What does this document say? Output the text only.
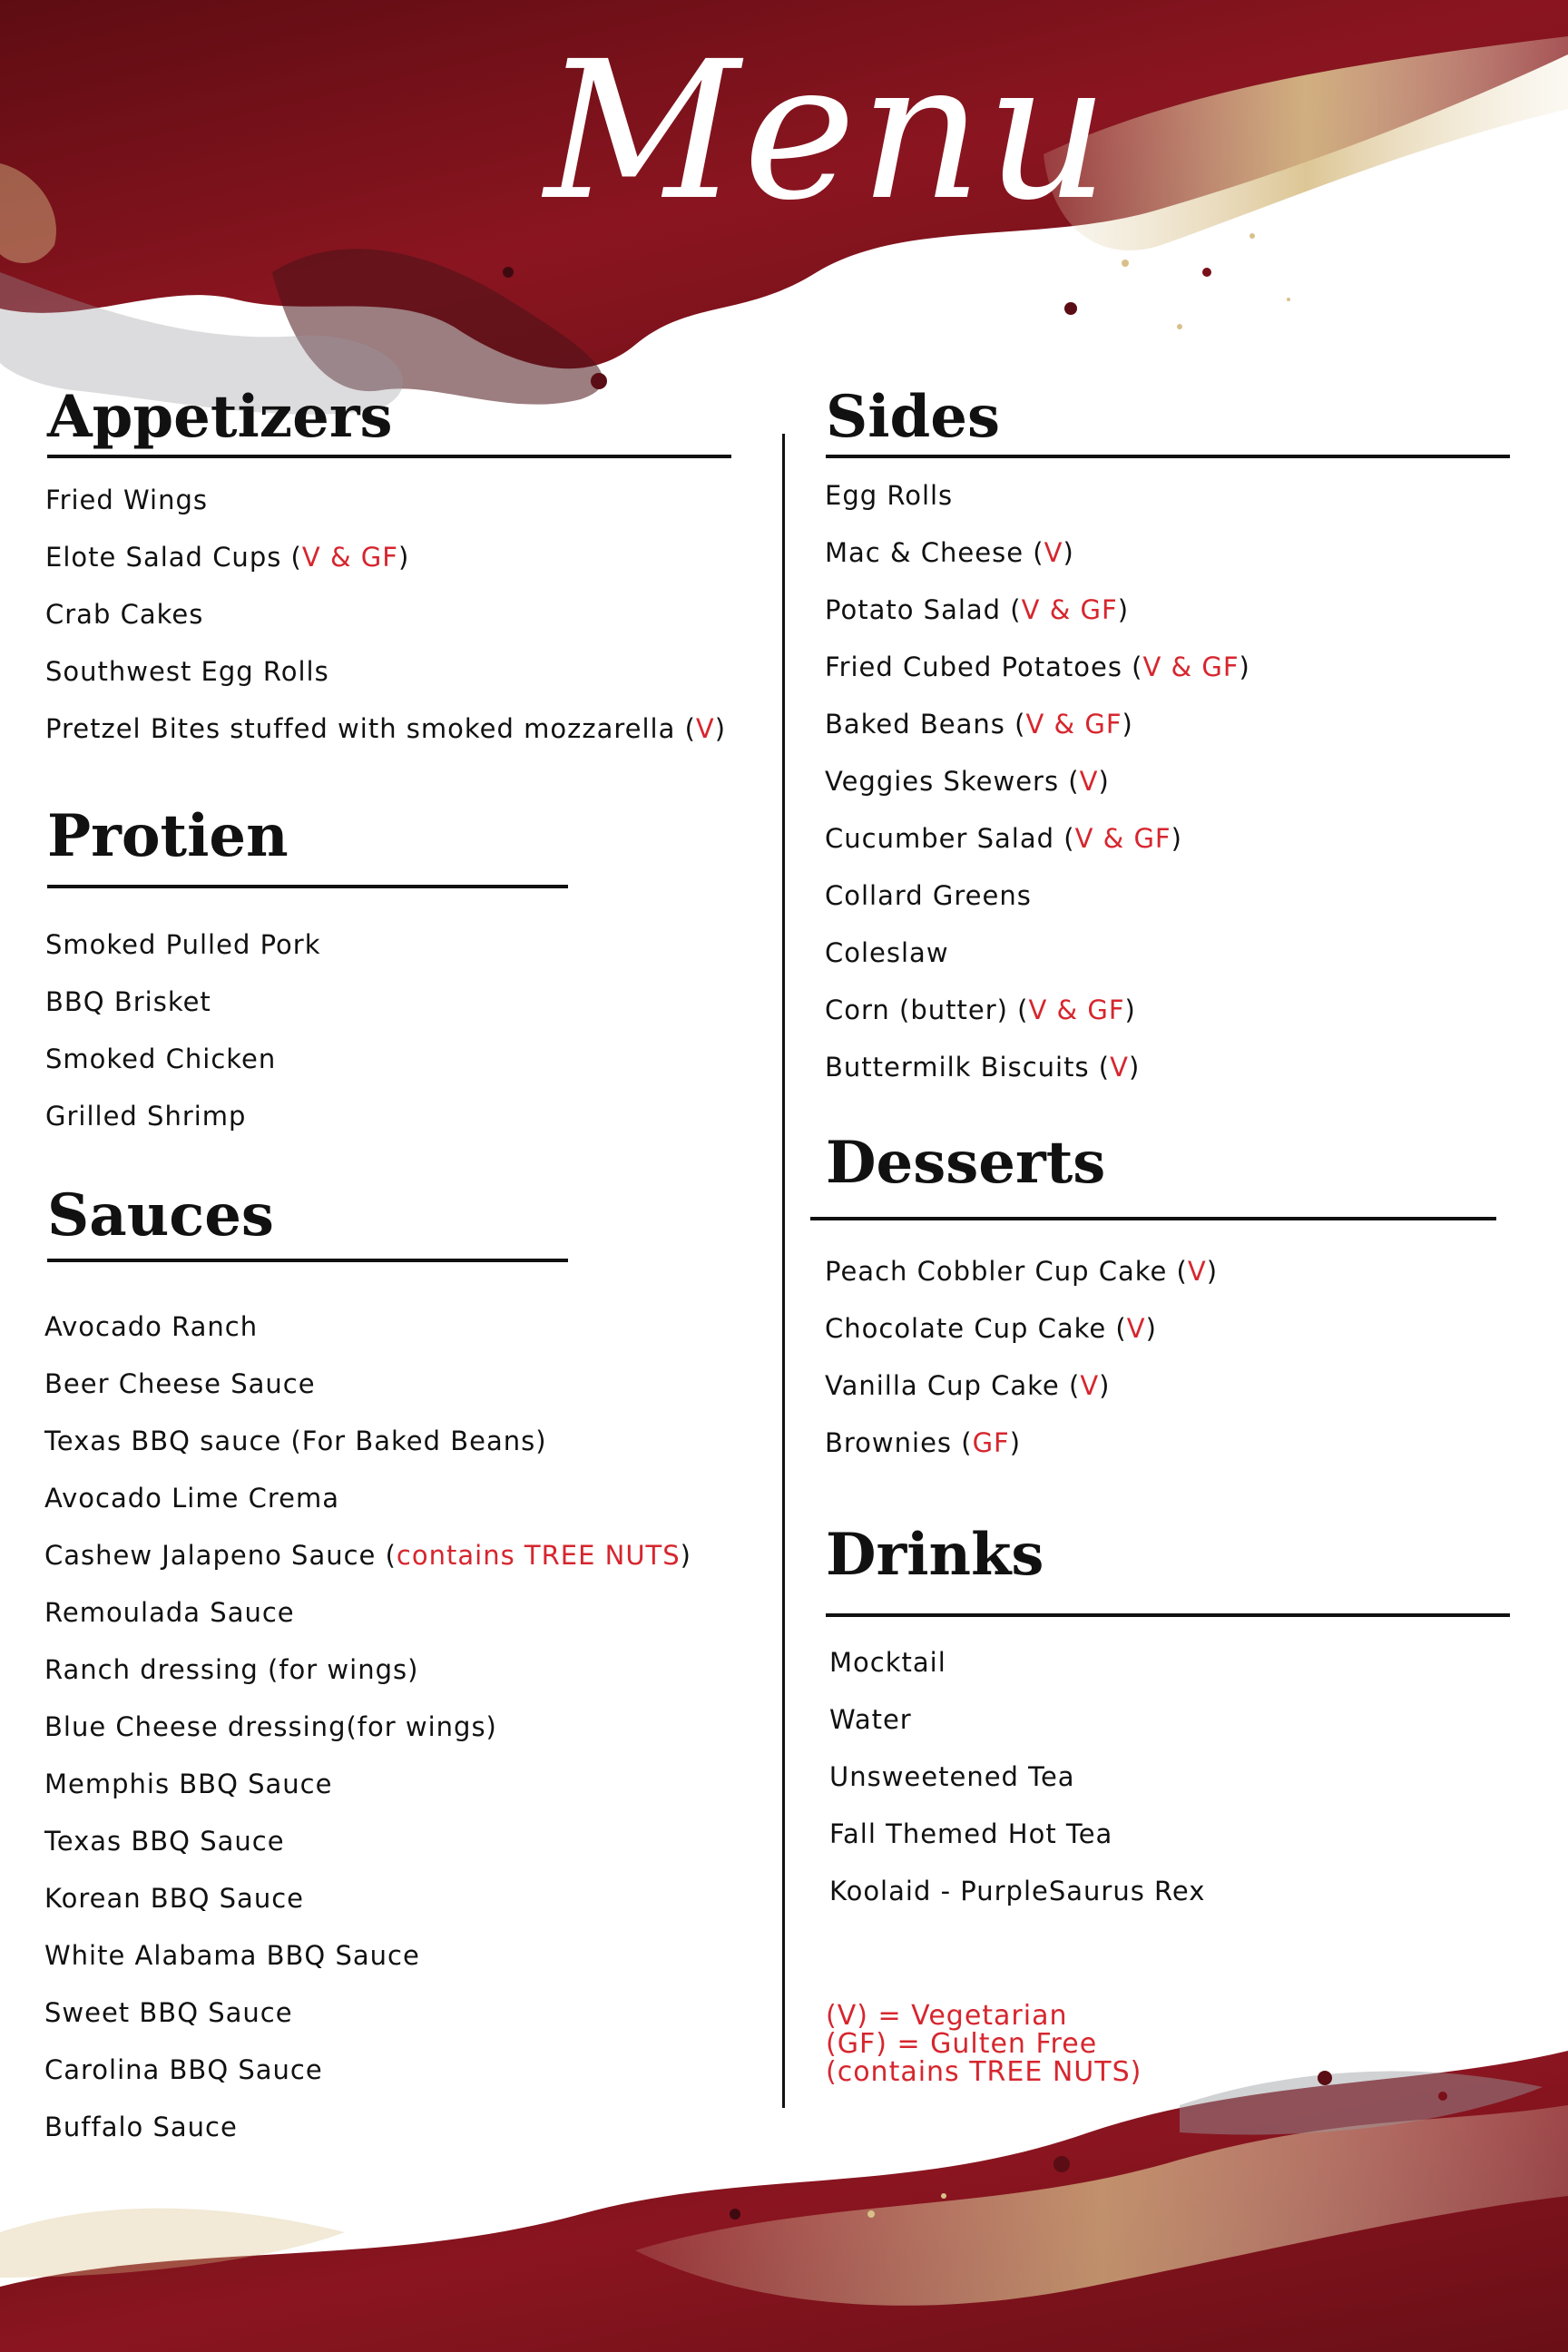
Menu
Appetizers
Fried Wings
Elote Salad Cups (V & GF)
Crab Cakes
Southwest Egg Rolls
Pretzel Bites stuffed with smoked mozzarella (V)
Protien
Smoked Pulled Pork
BBQ Brisket
Smoked Chicken
Grilled Shrimp
Sauces
Avocado Ranch
Beer Cheese Sauce
Texas BBQ sauce (For Baked Beans)
Avocado Lime Crema
Cashew Jalapeno Sauce (contains TREE NUTS)
Remoulada Sauce
Ranch dressing (for wings)
Blue Cheese dressing(for wings)
Memphis BBQ Sauce
Texas BBQ Sauce
Korean BBQ Sauce
White Alabama BBQ Sauce
Sweet BBQ Sauce
Carolina BBQ Sauce
Buffalo Sauce
Sides
Egg Rolls
Mac & Cheese (V)
Potato Salad (V & GF)
Fried Cubed Potatoes (V & GF)
Baked Beans (V & GF)
Veggies Skewers (V)
Cucumber Salad (V & GF)
Collard Greens
Coleslaw
Corn (butter) (V & GF)
Buttermilk Biscuits (V)
Desserts
Peach Cobbler Cup Cake (V)
Chocolate Cup Cake (V)
Vanilla Cup Cake (V)
Brownies (GF)
Drinks
Mocktail
Water
Unsweetened Tea
Fall Themed Hot Tea
Koolaid - PurpleSaurus Rex
(V) = Vegetarian
(GF) = Gulten Free
(contains TREE NUTS)
